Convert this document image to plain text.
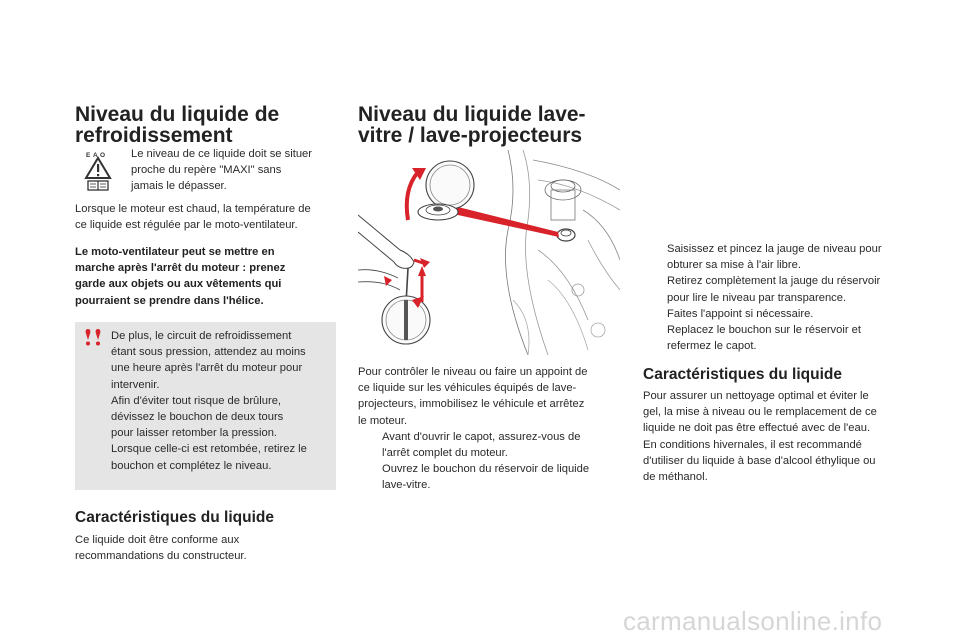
Niveau du liquide de
refroidissement
E A O Le niveau de ce liquide doit se situer

proche du repère "MAXI" sans

jamais le dépasser.

Lorsque le moteur est chaud, la température de

ce liquide est régulée par le moto-ventilateur.

Le moto-ventilateur peut se mettre en

marche après l'arrêt du moteur : prenez

garde aux objets ou aux vêtements qui

pourraient se prendre dans l'hélice.

De plus, le circuit de refroidissement

étant sous pression, attendez au moins

une heure après l'arrêt du moteur pour

intervenir.

Afin d'éviter tout risque de brûlure,

dévissez le bouchon de deux tours

pour laisser retomber la pression.

Lorsque celle-ci est retombée, retirez le

bouchon et complétez le niveau.

Caractéristiques du liquide

Ce liquide doit être conforme aux

recommandations du constructeur.

Niveau du liquide lave-
vitre / lave-projecteurs

Pour contrôler le niveau ou faire un appoint de

ce liquide sur les véhicules équipés de lave-

projecteurs, immobilisez le véhicule et arrêtez

le moteur.

Avant d'ouvrir le capot, assurez-vous de

l'arrêt complet du moteur.

Ouvrez le bouchon du réservoir de liquide

lave-vitre.

Saisissez et pincez la jauge de niveau pour

obturer sa mise à l'air libre.

Retirez complètement la jauge du réservoir

pour lire le niveau par transparence.

Faites l'appoint si nécessaire.

Replacez le bouchon sur le réservoir et

refermez le capot.

Caractéristiques du liquide

Pour assurer un nettoyage optimal et éviter le

gel, la mise à niveau ou le remplacement de ce

liquide ne doit pas être effectué avec de l'eau.

En conditions hivernales, il est recommandé

d'utiliser du liquide à base d'alcool éthylique ou

de méthanol.

carmanualsonline.info
